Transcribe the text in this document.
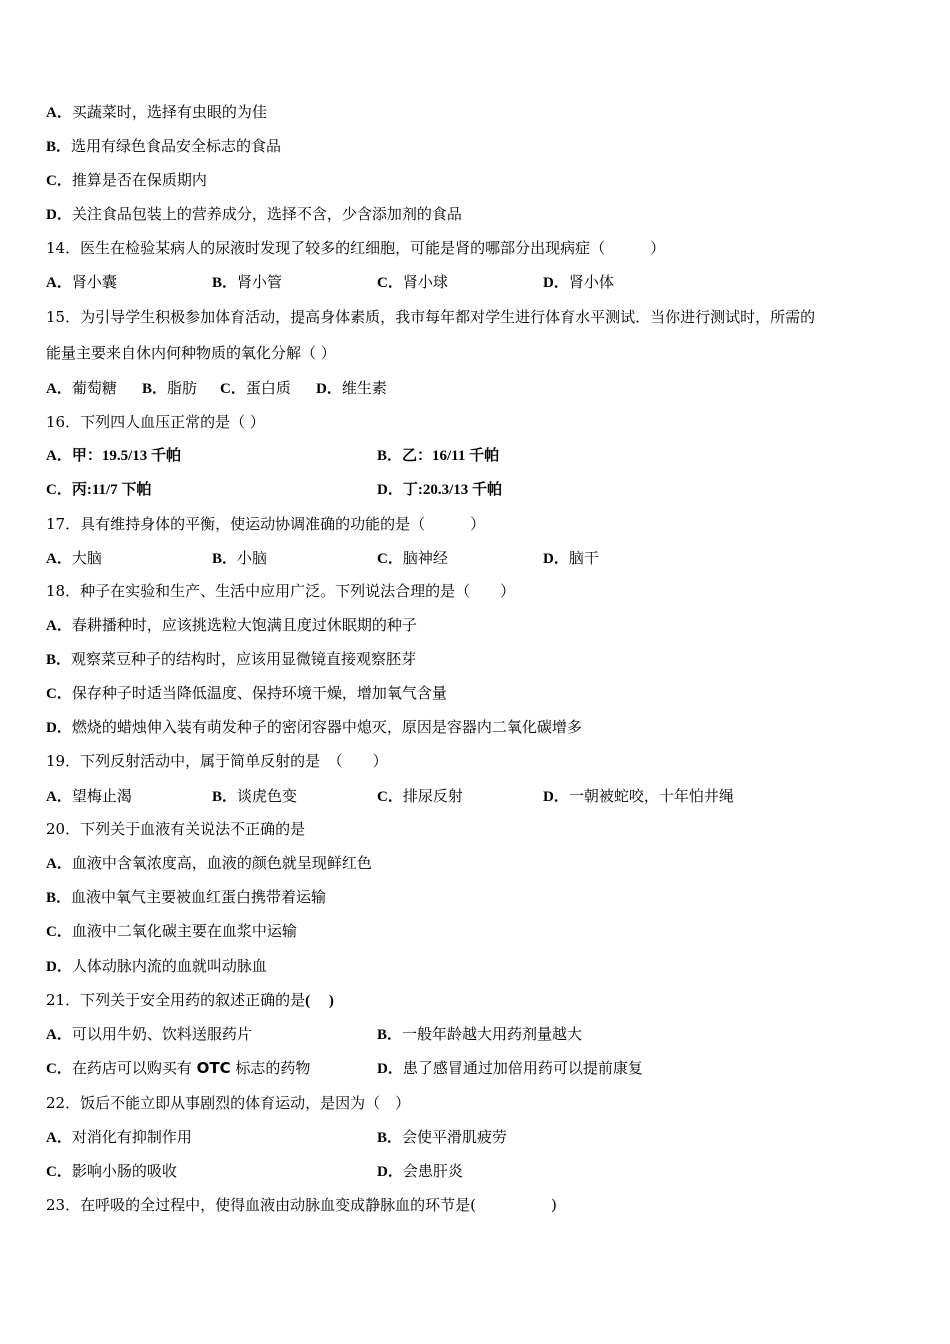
A．买蔬菜时，选择有虫眼的为佳
B．选用有绿色食品安全标志的食品
C．推算是否在保质期内
D．关注食品包装上的营养成分，选择不含，少含添加剂的食品
14．医生在检验某病人的尿液时发现了较多的红细胞，可能是肾的哪部分出现病症（　　　）
A．肾小囊	B．肾小管	C．肾小球	D．肾小体
15．为引导学生积极参加体育活动，提高身体素质，我市每年都对学生进行体育水平测试．当你进行测试时，所需的
能量主要来自休内何种物质的氧化分解（ ）
A．葡萄糖 B．脂肪 C．蛋白质 D．维生素
16．下列四人血压正常的是（ ）
A．甲：19.5/13 千帕	B．乙：16/11 千帕
C．丙:11/7 下帕	D．丁:20.3/13 千帕
17．具有维持身体的平衡，使运动协调准确的功能的是（　　　）
A．大脑	B．小脑	C．脑神经	D．脑干
18．种子在实验和生产、生活中应用广泛。下列说法合理的是（　　）
A．春耕播种时，应该挑选粒大饱满且度过休眠期的种子
B．观察菜豆种子的结构时，应该用显微镜直接观察胚芽
C．保存种子时适当降低温度、保持环境干燥，增加氧气含量
D．燃烧的蜡烛伸入装有萌发种子的密闭容器中熄灭，原因是容器内二氧化碳增多
19．下列反射活动中，属于简单反射的是　（　　）
A．望梅止渴	B．谈虎色变	C．排尿反射	D．一朝被蛇咬，十年怕井绳
20．下列关于血液有关说法不正确的是
A．血液中含氧浓度高，血液的颜色就呈现鲜红色
B．血液中氧气主要被血红蛋白携带着运输
C．血液中二氧化碳主要在血浆中运输
D．人体动脉内流的血就叫动脉血
21．下列关于安全用药的叙述正确的是(　 )
A．可以用牛奶、饮料送服药片	B．一般年龄越大用药剂量越大
C．在药店可以购买有 OTC 标志的药物	D．患了感冒通过加倍用药可以提前康复
22．饭后不能立即从事剧烈的体育运动，是因为（　）
A．对消化有抑制作用	B．会使平滑肌疲劳
C．影响小肠的吸收	D．会患肝炎
23．在呼吸的全过程中，使得血液由动脉血变成静脉血的环节是(　　　　　)
